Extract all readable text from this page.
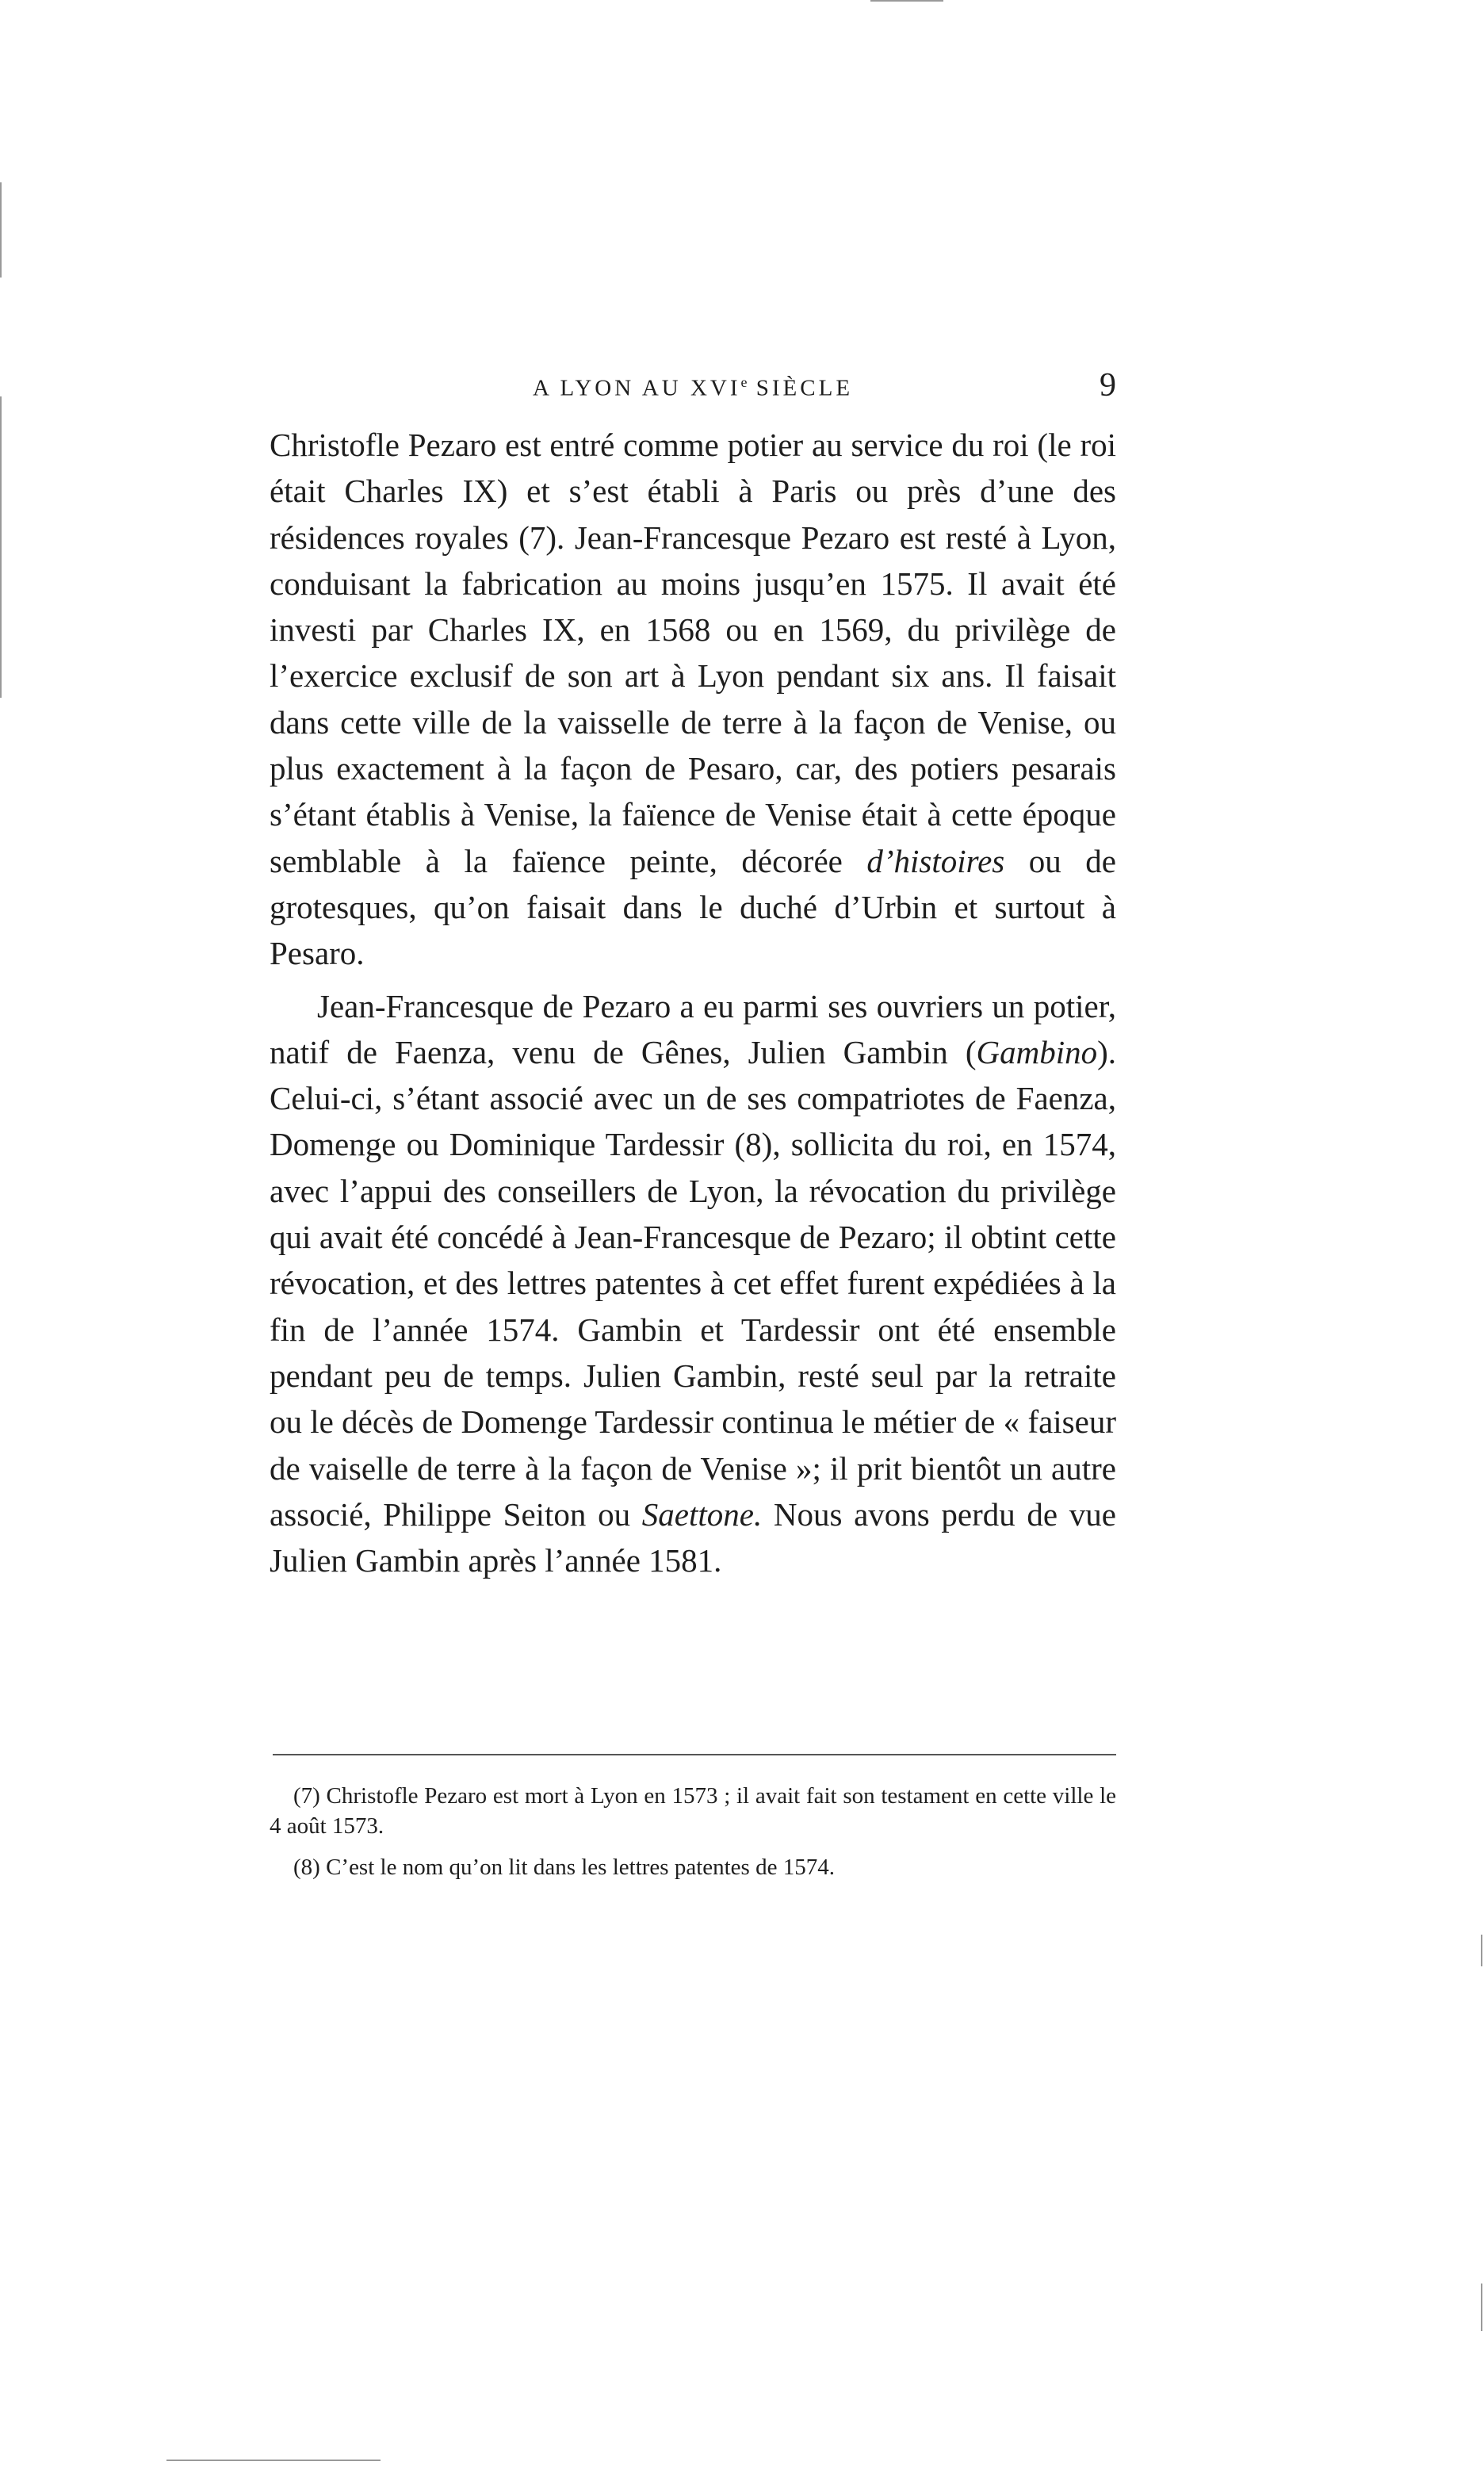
A LYON AU XVIe SIÈCLE	9

Christofle Pezaro est entré comme potier au service du roi (le roi était Charles IX) et s’est établi à Paris ou près d’une des résidences royales (7). Jean-Francesque Pezaro est resté à Lyon, conduisant la fabrication au moins jusqu’en 1575. Il avait été investi par Charles IX, en 1568 ou en 1569, du privilège de l’exercice exclusif de son art à Lyon pendant six ans. Il faisait dans cette ville de la vaisselle de terre à la façon de Venise, ou plus exactement à la façon de Pesaro, car, des potiers pesarais s’étant établis à Venise, la faïence de Venise était à cette époque semblable à la faïence peinte, décorée d’histoires ou de grotesques, qu’on faisait dans le duché d’Urbin et surtout à Pesaro.

Jean-Francesque de Pezaro a eu parmi ses ouvriers un potier, natif de Faenza, venu de Gênes, Julien Gambin (Gambino). Celui-ci, s’étant associé avec un de ses compatriotes de Faenza, Domenge ou Dominique Tardessir (8), sollicita du roi, en 1574, avec l’appui des conseillers de Lyon, la révocation du privilège qui avait été concédé à Jean-Francesque de Pezaro; il obtint cette révocation, et des lettres patentes à cet effet furent expédiées à la fin de l’année 1574. Gambin et Tardessir ont été ensemble pendant peu de temps. Julien Gambin, resté seul par la retraite ou le décès de Domenge Tardessir continua le métier de « faiseur de vaiselle de terre à la façon de Venise »; il prit bientôt un autre associé, Philippe Seiton ou Saettone. Nous avons perdu de vue Julien Gambin après l’année 1581.

(7) Christofle Pezaro est mort à Lyon en 1573 ; il avait fait son testament en cette ville le 4 août 1573.

(8) C’est le nom qu’on lit dans les lettres patentes de 1574.
